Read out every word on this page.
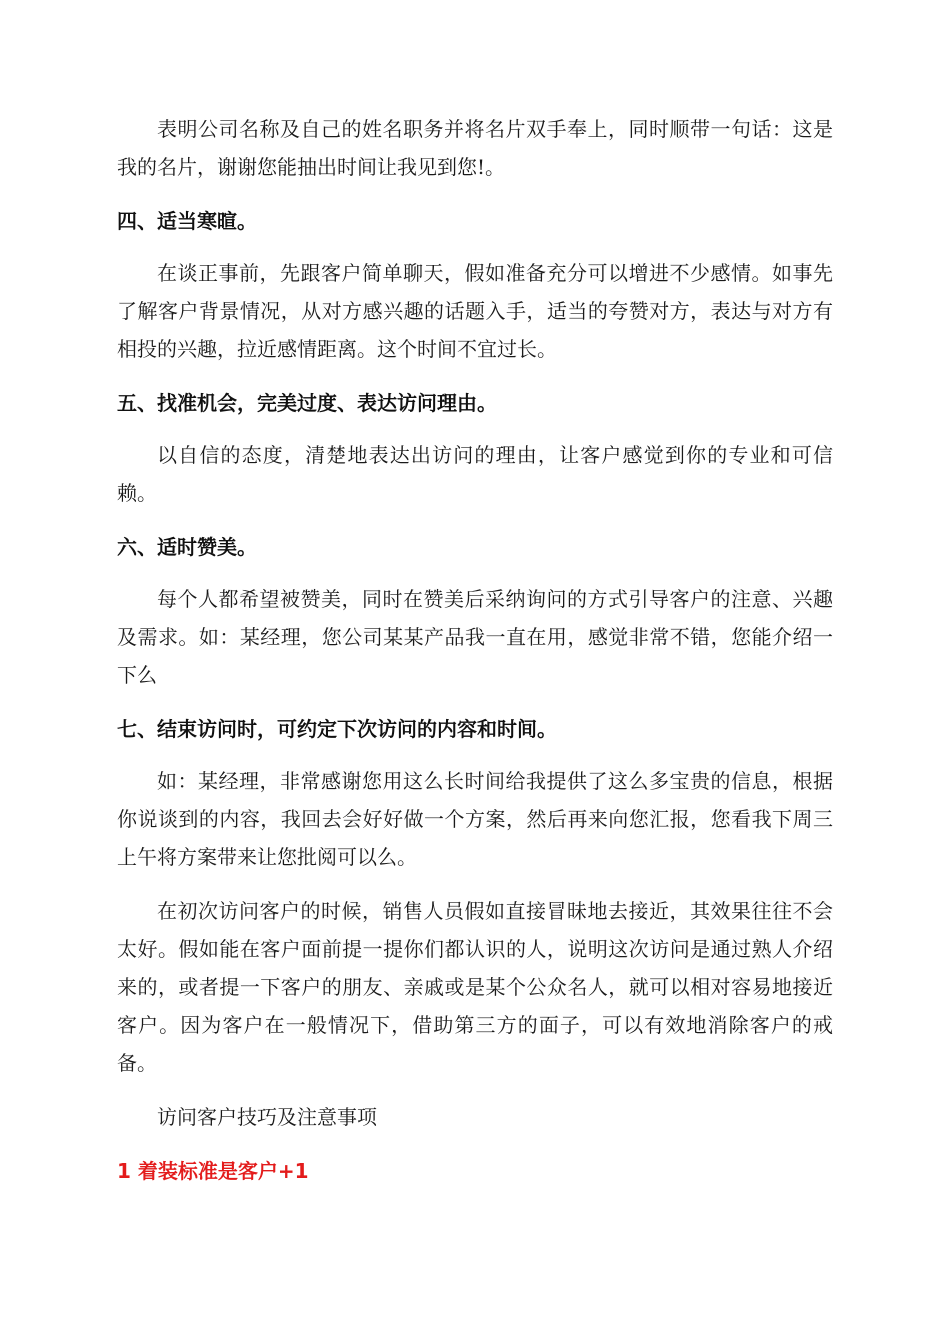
表明公司名称及自己的姓名职务并将名片双手奉上，同时顺带一句话：这是我的名片，谢谢您能抽出时间让我见到您!。

四、适当寒暄。

在谈正事前，先跟客户简单聊天，假如准备充分可以增进不少感情。如事先了解客户背景情况，从对方感兴趣的话题入手，适当的夸赞对方，表达与对方有相投的兴趣，拉近感情距离。这个时间不宜过长。

五、找准机会，完美过度、表达访问理由。

以自信的态度，清楚地表达出访问的理由，让客户感觉到你的专业和可信赖。

六、适时赞美。

每个人都希望被赞美，同时在赞美后采纳询问的方式引导客户的注意、兴趣及需求。如：某经理，您公司某某产品我一直在用，感觉非常不错，您能介绍一下么

七、结束访问时，可约定下次访问的内容和时间。

如：某经理，非常感谢您用这么长时间给我提供了这么多宝贵的信息，根据你说谈到的内容，我回去会好好做一个方案，然后再来向您汇报，您看我下周三上午将方案带来让您批阅可以么。

在初次访问客户的时候，销售人员假如直接冒昧地去接近，其效果往往不会太好。假如能在客户面前提一提你们都认识的人，说明这次访问是通过熟人介绍来的，或者提一下客户的朋友、亲戚或是某个公众名人，就可以相对容易地接近客户。因为客户在一般情况下，借助第三方的面子，可以有效地消除客户的戒备。

访问客户技巧及注意事项

1 着装标准是客户+1
